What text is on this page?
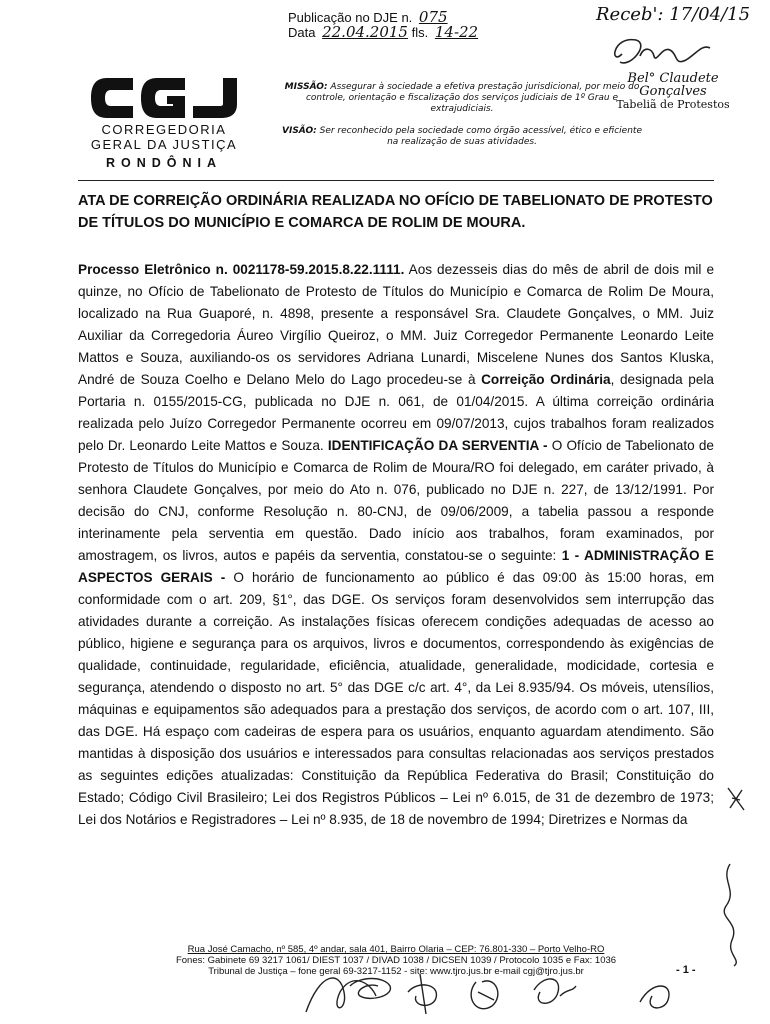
Publicação no DJE n. 075
Data 22.04.2015 fls. 14-22
Receb': 17/04/15
Bel° Claudete Gonçalves
Tabeliã de Protestos
CORREGEDORIA
GERAL DA JUSTIÇA
RONDÔNIA
MISSÃO: Assegurar à sociedade a efetiva prestação jurisdicional, por meio do controle, orientação e fiscalização dos serviços judiciais de 1º Grau e extrajudiciais.
VISÃO: Ser reconhecido pela sociedade como órgão acessível, ético e eficiente na realização de suas atividades.
ATA DE CORREIÇÃO ORDINÁRIA REALIZADA NO OFÍCIO DE TABELIONATO DE PROTESTO DE TÍTULOS DO MUNICÍPIO E COMARCA DE ROLIM DE MOURA.

Processo Eletrônico n. 0021178-59.2015.8.22.1111. Aos dezesseis dias do mês de abril de dois mil e quinze, no Ofício de Tabelionato de Protesto de Títulos do Município e Comarca de Rolim De Moura, localizado na Rua Guaporé, n. 4898, presente a responsável Sra. Claudete Gonçalves, o MM. Juiz Auxiliar da Corregedoria Áureo Virgílio Queiroz, o MM. Juiz Corregedor Permanente Leonardo Leite Mattos e Souza, auxiliando-os os servidores Adriana Lunardi, Miscelene Nunes dos Santos Kluska, André de Souza Coelho e Delano Melo do Lago procedeu-se à Correição Ordinária, designada pela Portaria n. 0155/2015-CG, publicada no DJE n. 061, de 01/04/2015. A última correição ordinária realizada pelo Juízo Corregedor Permanente ocorreu em 09/07/2013, cujos trabalhos foram realizados pelo Dr. Leonardo Leite Mattos e Souza. IDENTIFICAÇÃO DA SERVENTIA - O Ofício de Tabelionato de Protesto de Títulos do Município e Comarca de Rolim de Moura/RO foi delegado, em caráter privado, à senhora Claudete Gonçalves, por meio do Ato n. 076, publicado no DJE n. 227, de 13/12/1991. Por decisão do CNJ, conforme Resolução n. 80-CNJ, de 09/06/2009, a tabelia passou a responde interinamente pela serventia em questão. Dado início aos trabalhos, foram examinados, por amostragem, os livros, autos e papéis da serventia, constatou-se o seguinte: 1 - ADMINISTRAÇÃO E ASPECTOS GERAIS - O horário de funcionamento ao público é das 09:00 às 15:00 horas, em conformidade com o art. 209, §1°, das DGE. Os serviços foram desenvolvidos sem interrupção das atividades durante a correição. As instalações físicas oferecem condições adequadas de acesso ao público, higiene e segurança para os arquivos, livros e documentos, correspondendo às exigências de qualidade, continuidade, regularidade, eficiência, atualidade, generalidade, modicidade, cortesia e segurança, atendendo o disposto no art. 5° das DGE c/c art. 4°, da Lei 8.935/94. Os móveis, utensílios, máquinas e equipamentos são adequados para a prestação dos serviços, de acordo com o art. 107, III, das DGE. Há espaço com cadeiras de espera para os usuários, enquanto aguardam atendimento. São mantidas à disposição dos usuários e interessados para consultas relacionadas aos serviços prestados as seguintes edições atualizadas: Constituição da República Federativa do Brasil; Constituição do Estado; Código Civil Brasileiro; Lei dos Registros Públicos – Lei nº 6.015, de 31 de dezembro de 1973; Lei dos Notários e Registradores – Lei nº 8.935, de 18 de novembro de 1994; Diretrizes e Normas da

Rua José Camacho, nº 585, 4º andar, sala 401, Bairro Olaria – CEP: 76.801-330 – Porto Velho-RO
Fones: Gabinete 69 3217 1061/ DIEST 1037 / DIVAD 1038 / DICSEN 1039 / Protocolo 1035 e Fax: 1036
Tribunal de Justiça – fone geral 69-3217-1152 - site: www.tjro.jus.br e-mail cgj@tjro.jus.br	- 1 -
